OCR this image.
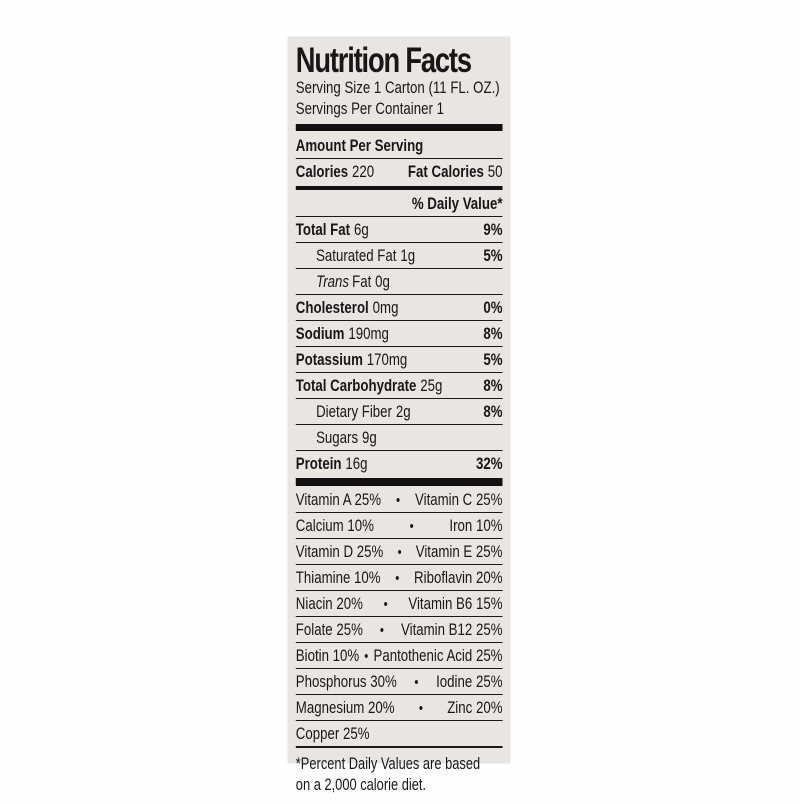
Nutrition Facts
Serving Size 1 Carton (11 FL. OZ.)
Servings Per Container 1
Amount Per Serving
Calories 220 Fat Calories 50
% Daily Value*
Total Fat 6g	9%
Saturated Fat 1g	5%
Trans Fat 0g
Cholesterol 0mg	0%
Sodium 190mg	8%
Potassium 170mg	5%
Total Carbohydrate 25g 8%
Dietary Fiber 2g	8%
Sugars 9g
Protein 16g	32%
Vitamin A 25% • Vitamin C 25%
Calcium 10% • Iron 10%
Vitamin D 25% • Vitamin E 25%
Thiamine 10% • Riboflavin 20%
Niacin 20% • Vitamin B6 15%
Folate 25% • Vitamin B12 25%
Biotin 10% • Pantothenic Acid 25%
Phosphorus 30% • Iodine 25%
Magnesium 20% • Zinc 20%
Copper 25%
*Percent Daily Values are based
on a 2,000 calorie diet.
